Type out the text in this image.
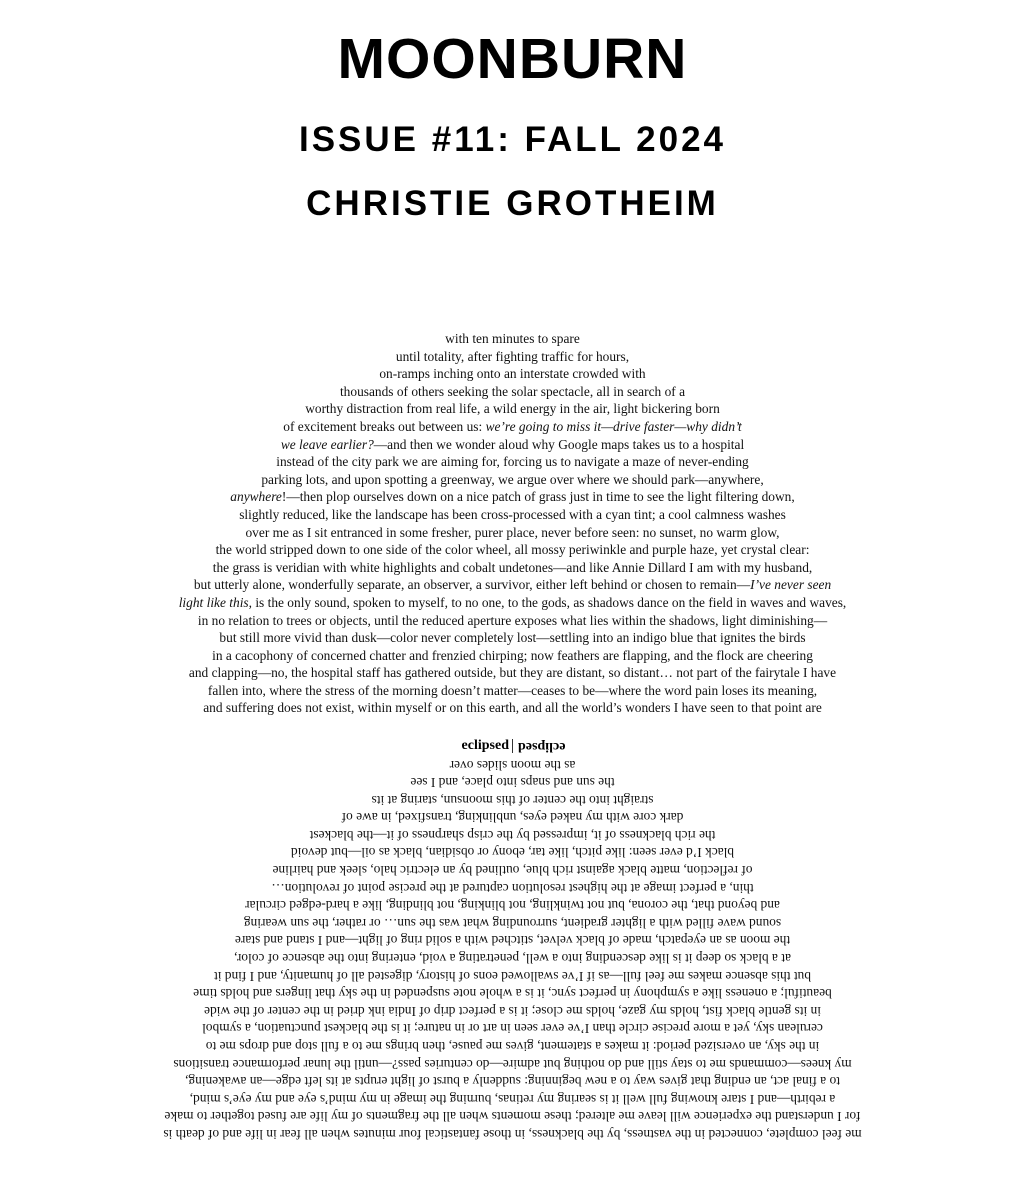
MOONBURN
ISSUE #11: FALL 2024
CHRISTIE GROTHEIM
with ten minutes to spare
until totality, after fighting traffic for hours,
on-ramps inching onto an interstate crowded with
thousands of others seeking the solar spectacle, all in search of a
worthy distraction from real life, a wild energy in the air, light bickering born
of excitement breaks out between us: we’re going to miss it—drive faster—why didn’t
we leave earlier?—and then we wonder aloud why Google maps takes us to a hospital
instead of the city park we are aiming for, forcing us to navigate a maze of never-ending
parking lots, and upon spotting a greenway, we argue over where we should park—anywhere,
anywhere!—then plop ourselves down on a nice patch of grass just in time to see the light filtering down,
slightly reduced, like the landscape has been cross-processed with a cyan tint; a cool calmness washes
over me as I sit entranced in some fresher, purer place, never before seen: no sunset, no warm glow,
the world stripped down to one side of the color wheel, all mossy periwinkle and purple haze, yet crystal clear:
the grass is veridian with white highlights and cobalt undetones—and like Annie Dillard I am with my husband,
but utterly alone, wonderfully separate, an observer, a survivor, either left behind or chosen to remain—I’ve never seen
light like this, is the only sound, spoken to myself, to no one, to the gods, as shadows dance on the field in waves and waves,
in no relation to trees or objects, until the reduced aperture exposes what lies within the shadows, light diminishing—
but still more vivid than dusk—color never completely lost—settling into an indigo blue that ignites the birds
in a cacophony of concerned chatter and frenzied chirping; now feathers are flapping, and the flock are cheering
and clapping—no, the hospital staff has gathered outside, but they are distant, so distant… not part of the fairytale I have
fallen into, where the stress of the morning doesn’t matter—ceases to be—where the word pain loses its meaning,
and suffering does not exist, within myself or on this earth, and all the world’s wonders I have seen to that point are
eclipsed eclipsed
me feel complete, connected in the vastness, by the blackness, in those fantastical four minutes when all fear in life and of death is
for I understand the experience will leave me altered; these moments when all the fragments of my life are fused together to make
a rebirth—and I stare knowing full well it is searing my retinas, burning the image in my mind’s eye and my eye’s mind,
to a final act, an ending that gives way to a new beginning: suddenly a burst of light erupts at its left edge—an awakening,
my knees—commands me to stay still and do nothing but admire—do centuries pass?—until the lunar performance transitions
in the sky, an oversized period: it makes a statement, gives me pause, then brings me to a full stop and drops me to
cerulean sky, yet a more precise circle than I’ve ever seen in art or in nature; it is the blackest punctuation, a symbol
in its gentle black fist, holds my gaze, holds me close; it is a perfect drip of India ink dried in the center of the wide
beautiful; a oneness like a symphony in perfect sync, it is a whole note suspended in the sky that lingers and holds time
but this absence makes me feel full—as if I’ve swallowed eons of history, digested all of humanity, and I find it
at a black so deep it is like descending into a well, penetrating a void, entering into the absence of color,
the moon as an eyepatch, made of black velvet, stitched with a solid ring of light—and I stand and stare
sound wave filled with a lighter gradient, surrounding what was the sun… or rather, the sun wearing
and beyond that, the corona, but not twinkling, not blinking, not blinding, like a hard-edged circular
thin, a perfect image at the highest resolution captured at the precise point of revolution…
of reflection, matte black against rich blue, outlined by an electric halo, sleek and hairline
black I’d ever seen: like pitch, like tar, ebony or obsidian, black as oil—but devoid
the rich blackness of it, impressed by the crisp sharpness of it—the blackest
dark core with my naked eyes, unblinking, transfixed, in awe of
straight into the center of this moonsun, staring at its
the sun and snaps into place, and I see
as the moon slides over
